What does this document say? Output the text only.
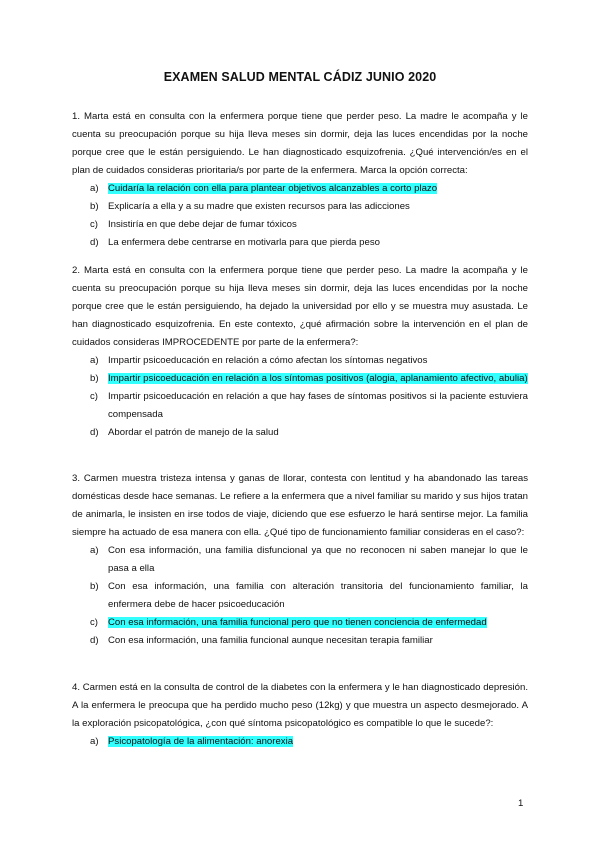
EXAMEN SALUD MENTAL CÁDIZ JUNIO 2020

1. Marta está en consulta con la enfermera porque tiene que perder peso. La madre le acompaña y le cuenta su preocupación porque su hija lleva meses sin dormir, deja las luces encendidas por la noche porque cree que le están persiguiendo. Le han diagnosticado esquizofrenia. ¿Qué intervención/es en el plan de cuidados consideras prioritaria/s por parte de la enfermera. Marca la opción correcta:

a) Cuidaría la relación con ella para plantear objetivos alcanzables a corto plazo
b) Explicaría a ella y a su madre que existen recursos para las adicciones
c) Insistiría en que debe dejar de fumar tóxicos
d) La enfermera debe centrarse en motivarla para que pierda peso

2. Marta está en consulta con la enfermera porque tiene que perder peso. La madre la acompaña y le cuenta su preocupación porque su hija lleva meses sin dormir, deja las luces encendidas por la noche porque cree que le están persiguiendo, ha dejado la universidad por ello y se muestra muy asustada. Le han diagnosticado esquizofrenia. En este contexto, ¿qué afirmación sobre la intervención en el plan de cuidados consideras IMPROCEDENTE por parte de la enfermera?:

a) Impartir psicoeducación en relación a cómo afectan los síntomas negativos
b) Impartir psicoeducación en relación a los síntomas positivos (alogia, aplanamiento afectivo, abulia)
c) Impartir psicoeducación en relación a que hay fases de síntomas positivos si la paciente estuviera compensada
d) Abordar el patrón de manejo de la salud

3. Carmen muestra tristeza intensa y ganas de llorar, contesta con lentitud y ha abandonado las tareas domésticas desde hace semanas. Le refiere a la enfermera que a nivel familiar su marido y sus hijos tratan de animarla, le insisten en irse todos de viaje, diciendo que ese esfuerzo le hará sentirse mejor. La familia siempre ha actuado de esa manera con ella. ¿Qué tipo de funcionamiento familiar consideras en el caso?:

a) Con esa información, una familia disfuncional ya que no reconocen ni saben manejar lo que le pasa a ella
b) Con esa información, una familia con alteración transitoria del funcionamiento familiar, la enfermera debe de hacer psicoeducación
c) Con esa información, una familia funcional pero que no tienen conciencia de enfermedad
d) Con esa información, una familia funcional aunque necesitan terapia familiar

4. Carmen está en la consulta de control de la diabetes con la enfermera y le han diagnosticado depresión. A la enfermera le preocupa que ha perdido mucho peso (12kg) y que muestra un aspecto desmejorado. A la exploración psicopatológica, ¿con qué síntoma psicopatológico es compatible lo que le sucede?:

a) Psicopatología de la alimentación: anorexia
1
